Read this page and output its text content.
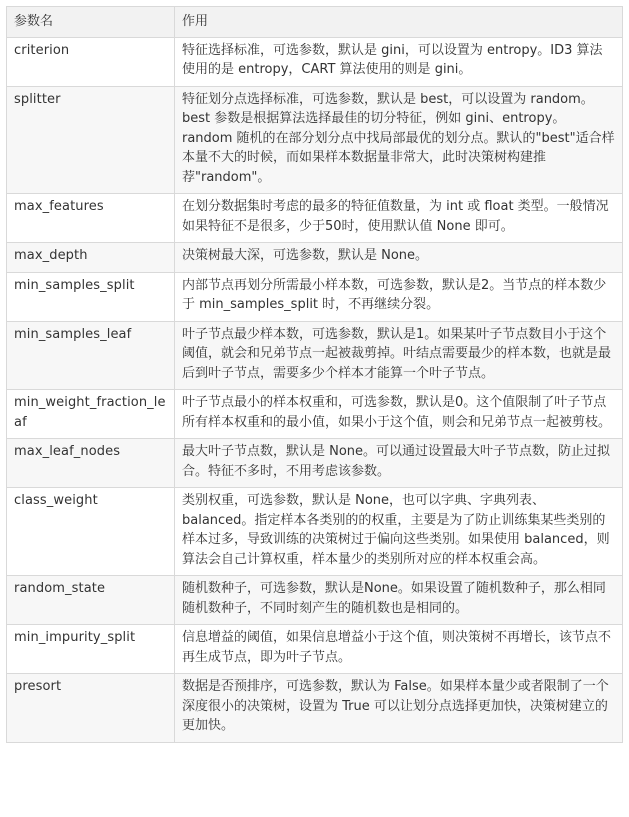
参数名	作用
criterion	特征选择标准，可选参数，默认是 gini，可以设置为 entropy。ID3 算法使用的是 entropy，CART 算法使用的则是 gini。
splitter	特征划分点选择标准，可选参数，默认是 best，可以设置为 random。best 参数是根据算法选择最佳的切分特征，例如 gini、entropy。random 随机的在部分划分点中找局部最优的划分点。默认的"best"适合样本量不大的时候，而如果样本数据量非常大，此时决策树构建推荐"random"。
max_features	在划分数据集时考虑的最多的特征值数量，为 int 或 float 类型。一般情况如果特征不是很多，少于50时，使用默认值 None 即可。
max_depth	决策树最大深，可选参数，默认是 None。
min_samples_split	内部节点再划分所需最小样本数，可选参数，默认是2。当节点的样本数少于 min_samples_split 时，不再继续分裂。
min_samples_leaf	叶子节点最少样本数，可选参数，默认是1。如果某叶子节点数目小于这个阈值，就会和兄弟节点一起被裁剪掉。叶结点需要最少的样本数，也就是最后到叶子节点，需要多少个样本才能算一个叶子节点。
min_weight_fraction_leaf	叶子节点最小的样本权重和，可选参数，默认是0。这个值限制了叶子节点所有样本权重和的最小值，如果小于这个值，则会和兄弟节点一起被剪枝。
max_leaf_nodes	最大叶子节点数，默认是 None。可以通过设置最大叶子节点数，防止过拟合。特征不多时，不用考虑该参数。
class_weight	类别权重，可选参数，默认是 None，也可以字典、字典列表、balanced。指定样本各类别的的权重，主要是为了防止训练集某些类别的样本过多，导致训练的决策树过于偏向这些类别。如果使用 balanced，则算法会自己计算权重，样本量少的类别所对应的样本权重会高。
random_state	随机数种子，可选参数，默认是None。如果设置了随机数种子，那么相同随机数种子，不同时刻产生的随机数也是相同的。
min_impurity_split	信息增益的阈值，如果信息增益小于这个值，则决策树不再增长，该节点不再生成节点，即为叶子节点。
presort	数据是否预排序，可选参数，默认为 False。如果样本量少或者限制了一个深度很小的决策树，设置为 True 可以让划分点选择更加快，决策树建立的更加快。
